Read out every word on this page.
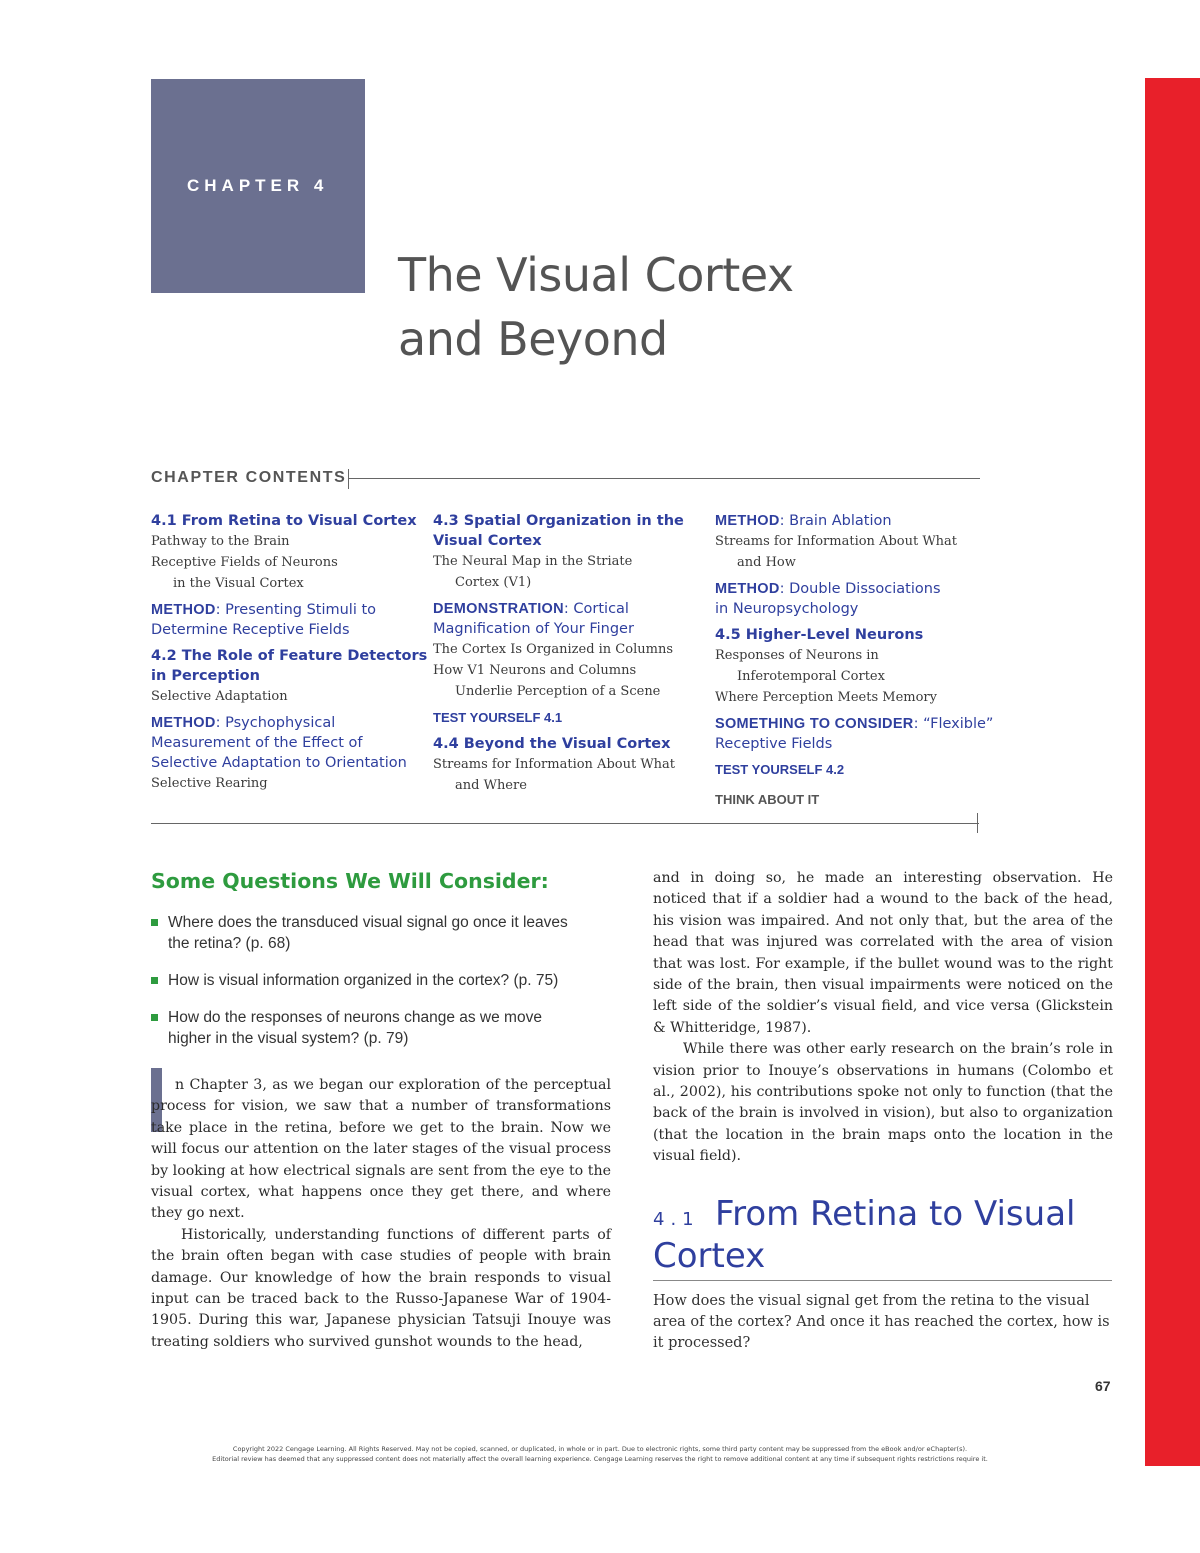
CHAPTER 4
The Visual Cortex
and Beyond
CHAPTER CONTENTS
4.1 From Retina to Visual Cortex
Pathway to the Brain
Receptive Fields of Neurons
in the Visual Cortex
METHOD: Presenting Stimuli to
Determine Receptive Fields
4.2 The Role of Feature Detectors
in Perception
Selective Adaptation
METHOD: Psychophysical
Measurement of the Effect of
Selective Adaptation to Orientation
Selective Rearing
4.3 Spatial Organization in the
Visual Cortex
The Neural Map in the Striate
Cortex (V1)
DEMONSTRATION: Cortical
Magnification of Your Finger
The Cortex Is Organized in Columns
How V1 Neurons and Columns
Underlie Perception of a Scene
TEST YOURSELF 4.1
4.4 Beyond the Visual Cortex
Streams for Information About What
and Where
METHOD: Brain Ablation
Streams for Information About What
and How
METHOD: Double Dissociations
in Neuropsychology
4.5 Higher-Level Neurons
Responses of Neurons in
Inferotemporal Cortex
Where Perception Meets Memory
SOMETHING TO CONSIDER: “Flexible”
Receptive Fields
TEST YOURSELF 4.2
THINK ABOUT IT
Some Questions We Will Consider:
Where does the transduced visual signal go once it leaves
the retina? (p. 68)
How is visual information organized in the cortex? (p. 75)
How do the responses of neurons change as we move
higher in the visual system? (p. 79)

n Chapter 3, as we began our exploration of the perceptual process for vision, we saw that a number of transformations take place in the retina, before we get to the brain. Now we will focus our attention on the later stages of the visual process by looking at how electrical signals are sent from the eye to the visual cortex, what happens once they get there, and where they go next.

Historically, understanding functions of different parts of the brain often began with case studies of people with brain damage. Our knowledge of how the brain responds to visual input can be traced back to the Russo-Japanese War of 1904-1905. During this war, Japanese physician Tatsuji Inouye was treating soldiers who survived gunshot wounds to the head,

and in doing so, he made an interesting observation. He noticed that if a soldier had a wound to the back of the head, his vision was impaired. And not only that, but the area of the head that was injured was correlated with the area of vision that was lost. For example, if the bullet wound was to the right side of the brain, then visual impairments were noticed on the left side of the soldier’s visual field, and vice versa (Glickstein & Whitteridge, 1987).

While there was other early research on the brain’s role in vision prior to Inouye’s observations in humans (Colombo et al., 2002), his contributions spoke not only to function (that the back of the brain is involved in vision), but also to organization (that the location in the brain maps onto the location in the visual field).

4.1 From Retina to Visual Cortex
How does the visual signal get from the retina to the visual area of the cortex? And once it has reached the cortex, how is it processed?
67
Copyright 2022 Cengage Learning. All Rights Reserved. May not be copied, scanned, or duplicated, in whole or in part. Due to electronic rights, some third party content may be suppressed from the eBook and/or eChapter(s).
Editorial review has deemed that any suppressed content does not materially affect the overall learning experience. Cengage Learning reserves the right to remove additional content at any time if subsequent rights restrictions require it.
